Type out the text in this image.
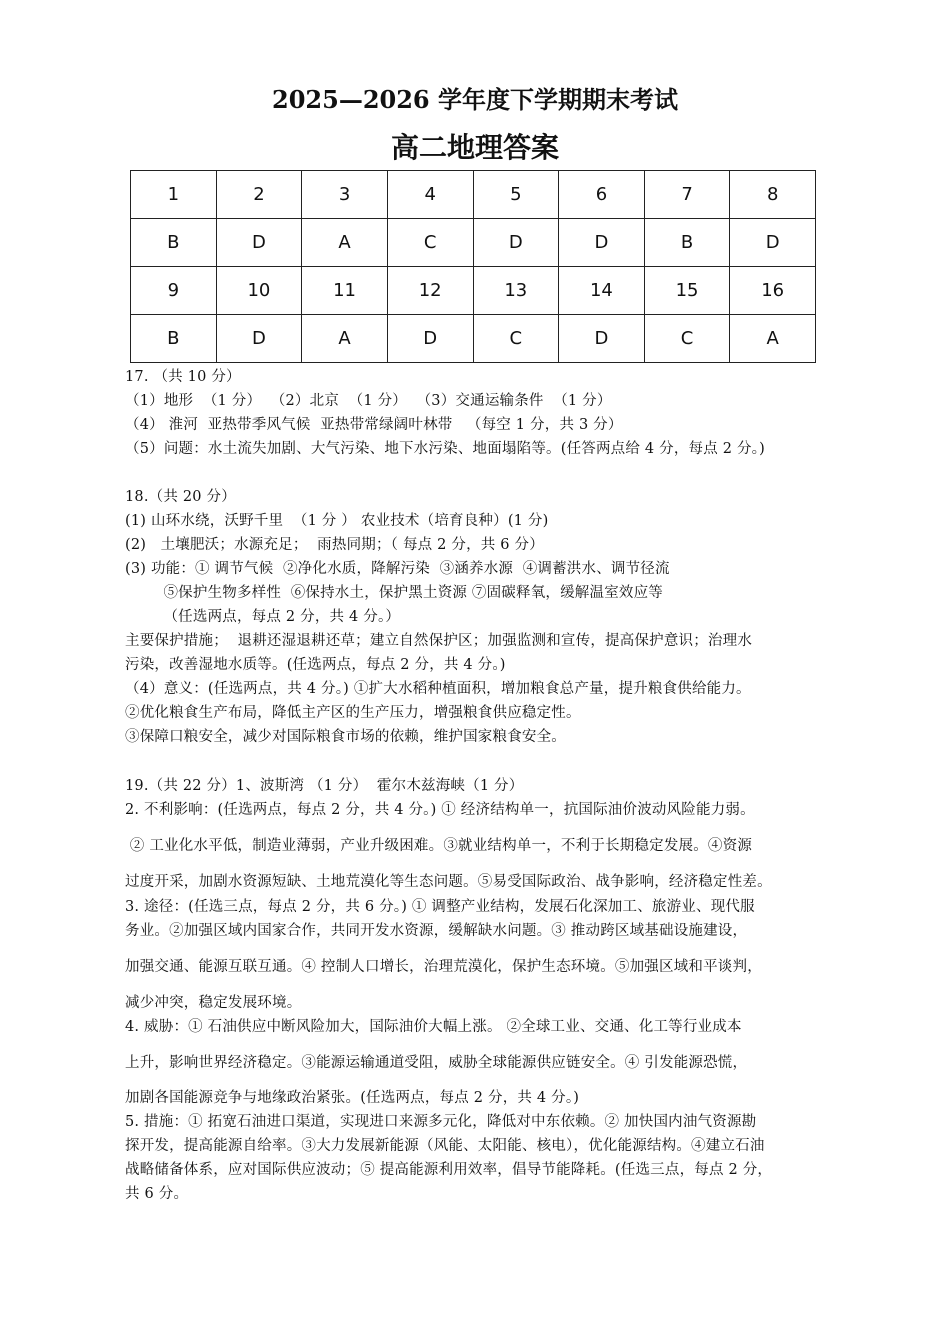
2025—2026 学年度下学期期末考试
高二地理答案
1	2	3	4	5	6	7	8
B	D	A	C	D	D	B	D
9	10	11	12	13	14	15	16
B	D	A	D	C	D	C	A
17. （共 10 分）
（1）地形  （1 分）  （2）北京  （1 分）  （3）交通运输条件  （1 分）
（4） 淮河  亚热带季风气候  亚热带常绿阔叶林带   （每空 1 分，共 3 分）
（5）问题：水土流失加剧、大气污染、地下水污染、地面塌陷等。(任答两点给 4 分，每点 2 分。)
18.（共 20 分）
(1) 山环水绕，沃野千里  （1 分 ） 农业技术（培育良种）(1 分)
(2)   土壤肥沃；水源充足；  雨热同期；（ 每点 2 分，共 6 分）
(3) 功能：① 调节气候  ②净化水质，降解污染  ③涵养水源  ④调蓄洪水、调节径流
⑤保护生物多样性  ⑥保持水土，保护黑土资源 ⑦固碳释氧，缓解温室效应等
（任选两点，每点 2 分，共 4 分。）
主要保护措施；  退耕还湿退耕还草；建立自然保护区；加强监测和宣传，提高保护意识；治理水
污染，改善湿地水质等。(任选两点，每点 2 分，共 4 分。)
（4）意义：(任选两点，共 4 分。) ①扩大水稻种植面积，增加粮食总产量，提升粮食供给能力。
②优化粮食生产布局，降低主产区的生产压力，增强粮食供应稳定性。
③保障口粮安全，减少对国际粮食市场的依赖，维护国家粮食安全。
19.（共 22 分）1、波斯湾 （1 分）  霍尔木兹海峡（1 分）
2. 不利影响：(任选两点，每点 2 分，共 4 分。) ① 经济结构单一，抗国际油价波动风险能力弱。
② 工业化水平低，制造业薄弱，产业升级困难。③就业结构单一，不利于长期稳定发展。④资源
过度开采，加剧水资源短缺、土地荒漠化等生态问题。⑤易受国际政治、战争影响，经济稳定性差。
3. 途径：(任选三点，每点 2 分，共 6 分。) ① 调整产业结构，发展石化深加工、旅游业、现代服
务业。②加强区域内国家合作，共同开发水资源，缓解缺水问题。③ 推动跨区域基础设施建设，
加强交通、能源互联互通。④ 控制人口增长，治理荒漠化，保护生态环境。⑤加强区域和平谈判，
减少冲突，稳定发展环境。
4. 威胁：① 石油供应中断风险加大，国际油价大幅上涨。 ②全球工业、交通、化工等行业成本
上升，影响世界经济稳定。③能源运输通道受阻，威胁全球能源供应链安全。④ 引发能源恐慌，
加剧各国能源竞争与地缘政治紧张。(任选两点，每点 2 分，共 4 分。)
5. 措施：① 拓宽石油进口渠道，实现进口来源多元化，降低对中东依赖。② 加快国内油气资源勘
探开发，提高能源自给率。③大力发展新能源（风能、太阳能、核电），优化能源结构。④建立石油
战略储备体系，应对国际供应波动；⑤ 提高能源利用效率，倡导节能降耗。(任选三点，每点 2 分，
共 6 分。
